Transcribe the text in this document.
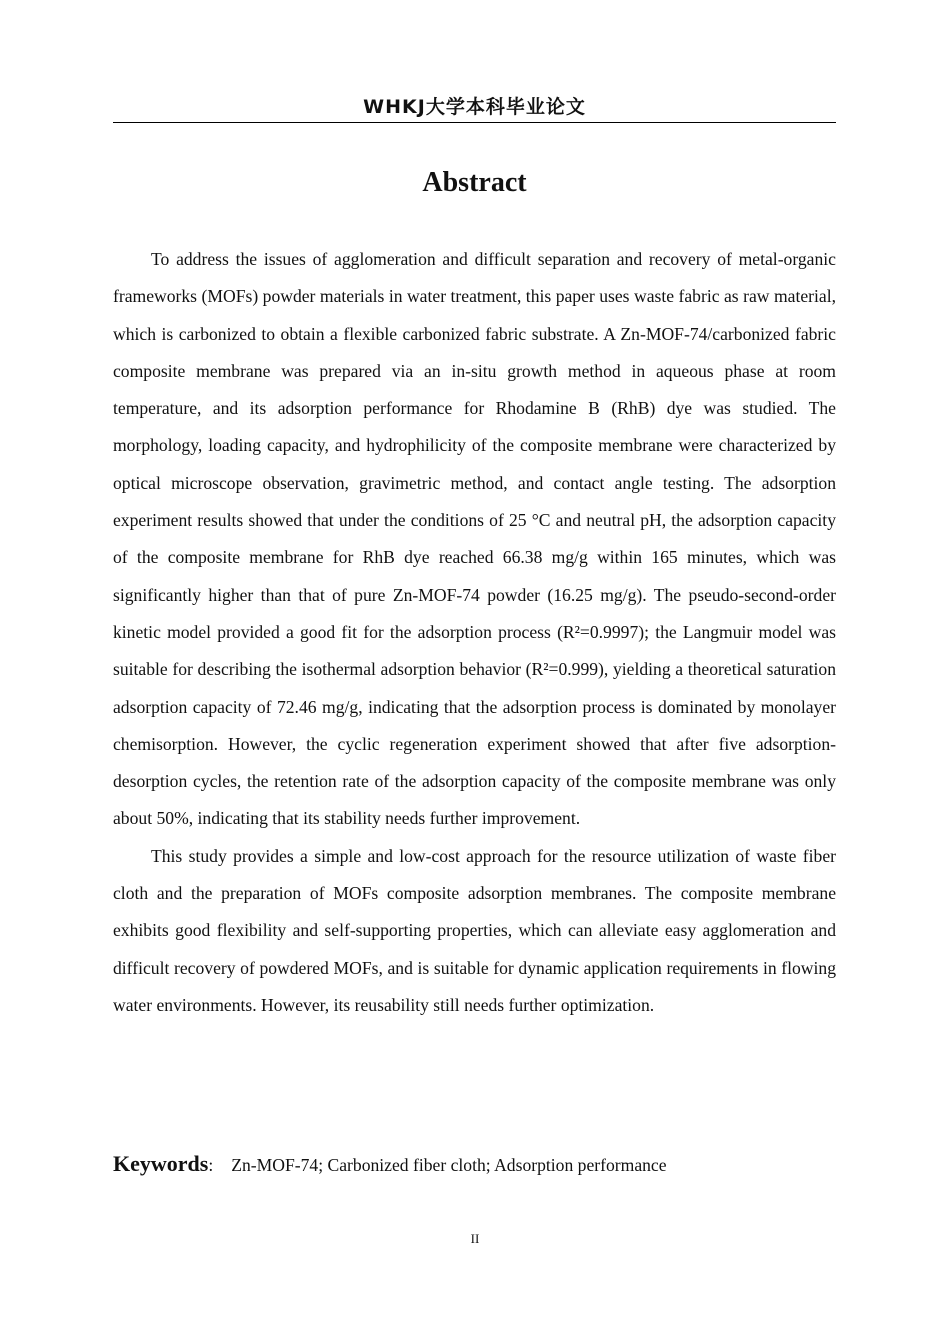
WHKJ大学本科毕业论文
Abstract

To address the issues of agglomeration and difficult separation and recovery of metal-organic frameworks (MOFs) powder materials in water treatment, this paper uses waste fabric as raw material, which is carbonized to obtain a flexible carbonized fabric substrate. A Zn-MOF-74/carbonized fabric composite membrane was prepared via an in-situ growth method in aqueous phase at room temperature, and its adsorption performance for Rhodamine B (RhB) dye was studied. The morphology, loading capacity, and hydrophilicity of the composite membrane were characterized by optical microscope observation, gravimetric method, and contact angle testing. The adsorption experiment results showed that under the conditions of 25 °C and neutral pH, the adsorption capacity of the composite membrane for RhB dye reached 66.38 mg/g within 165 minutes, which was significantly higher than that of pure Zn-MOF-74 powder (16.25 mg/g). The pseudo-second-order kinetic model provided a good fit for the adsorption process (R²=0.9997); the Langmuir model was suitable for describing the isothermal adsorption behavior (R²=0.999), yielding a theoretical saturation adsorption capacity of 72.46 mg/g, indicating that the adsorption process is dominated by monolayer chemisorption. However, the cyclic regeneration experiment showed that after five adsorption-desorption cycles, the retention rate of the adsorption capacity of the composite membrane was only about 50%, indicating that its stability needs further improvement.

This study provides a simple and low-cost approach for the resource utilization of waste fiber cloth and the preparation of MOFs composite adsorption membranes. The composite membrane exhibits good flexibility and self-supporting properties, which can alleviate easy agglomeration and difficult recovery of powdered MOFs, and is suitable for dynamic application requirements in flowing water environments. However, its reusability still needs further optimization.

Keywords: Zn-MOF-74; Carbonized fiber cloth; Adsorption performance
II
